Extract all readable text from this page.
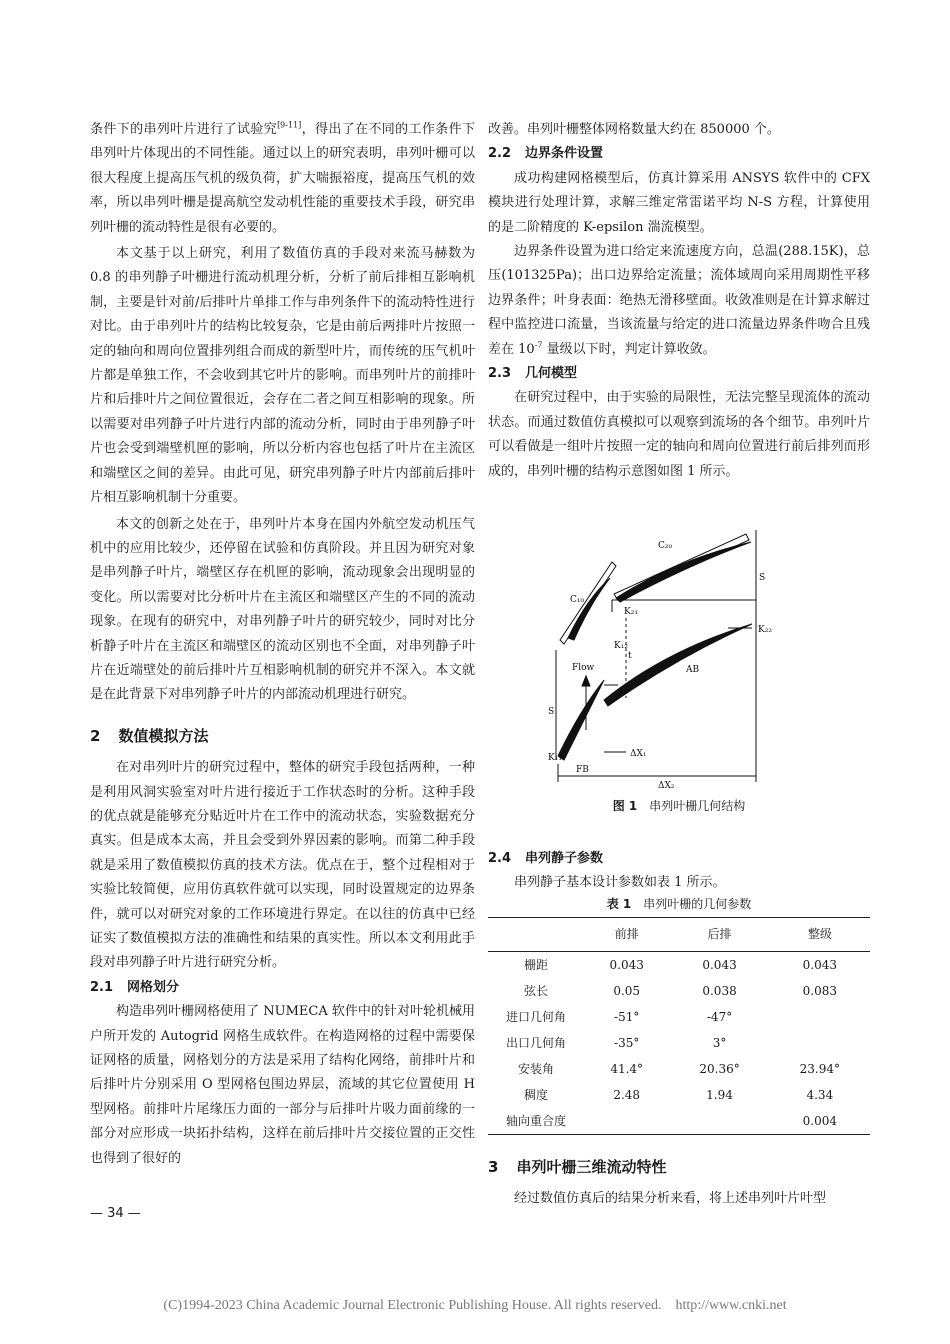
条件下的串列叶片进行了试验究[9-11]，得出了在不同的工作条件下串列叶片体现出的不同性能。通过以上的研究表明，串列叶栅可以很大程度上提高压气机的级负荷，扩大喘振裕度，提高压气机的效率，所以串列叶栅是提高航空发动机性能的重要技术手段，研究串列叶栅的流动特性是很有必要的。

本文基于以上研究，利用了数值仿真的手段对来流马赫数为 0.8 的串列静子叶栅进行流动机理分析，分析了前后排相互影响机制，主要是针对前/后排叶片单排工作与串列条件下的流动特性进行对比。由于串列叶片的结构比较复杂，它是由前后两排叶片按照一定的轴向和周向位置排列组合而成的新型叶片，而传统的压气机叶片都是单独工作，不会收到其它叶片的影响。而串列叶片的前排叶片和后排叶片之间位置很近，会存在二者之间互相影响的现象。所以需要对串列静子叶片进行内部的流动分析，同时由于串列静子叶片也会受到端壁机匣的影响，所以分析内容也包括了叶片在主流区和端壁区之间的差异。由此可见，研究串列静子叶片内部前后排叶片相互影响机制十分重要。

本文的创新之处在于，串列叶片本身在国内外航空发动机压气机中的应用比较少，还停留在试验和仿真阶段。并且因为研究对象是串列静子叶片，端壁区存在机匣的影响，流动现象会出现明显的变化。所以需要对比分析叶片在主流区和端壁区产生的不同的流动现象。在现有的研究中，对串列静子叶片的研究较少，同时对比分析静子叶片在主流区和端壁区的流动区别也不全面，对串列静子叶片在近端壁处的前后排叶片互相影响机制的研究并不深入。本文就是在此背景下对串列静子叶片的内部流动机理进行研究。

2 数值模拟方法

在对串列叶片的研究过程中，整体的研究手段包括两种，一种是利用风洞实验室对叶片进行接近于工作状态时的分析。这种手段的优点就是能够充分贴近叶片在工作中的流动状态，实验数据充分真实。但是成本太高，并且会受到外界因素的影响。而第二种手段就是采用了数值模拟仿真的技术方法。优点在于，整个过程相对于实验比较简便，应用仿真软件就可以实现，同时设置规定的边界条件，就可以对研究对象的工作环境进行界定。在以往的仿真中已经证实了数值模拟方法的准确性和结果的真实性。所以本文利用此手段对串列静子叶片进行研究分析。

2.1 网格划分

构造串列叶栅网格使用了 NUMECA 软件中的针对叶轮机械用户所开发的 Autogrid 网格生成软件。在构造网格的过程中需要保证网格的质量，网格划分的方法是采用了结构化网络，前排叶片和后排叶片分别采用 O 型网格包围边界层，流域的其它位置使用 H 型网格。前排叶片尾缘压力面的一部分与后排叶片吸力面前缘的一部分对应形成一块拓扑结构，这样在前后排叶片交接位置的正交性也得到了很好的

改善。串列叶栅整体网格数量大约在 850000 个。

2.2 边界条件设置

成功构建网格模型后，仿真计算采用 ANSYS 软件中的 CFX 模块进行处理计算，求解三维定常雷诺平均 N-S 方程，计算使用的是二阶精度的 K-epsilon 湍流模型。

边界条件设置为进口给定来流速度方向，总温(288.15K)，总压(101325Pa)；出口边界给定流量；流体域周向采用周期性平移边界条件；叶身表面：绝热无滑移壁面。收敛准则是在计算求解过程中监控进口流量，当该流量与给定的进口流量边界条件吻合且残差在 $10^{-7}$ 量级以下时，判定计算收敛。

2.3 几何模型

在研究过程中，由于实验的局限性，无法完整呈现流体的流动状态。而通过数值仿真模拟可以观察到流场的各个细节。串列叶片可以看做是一组叶片按照一定的轴向和周向位置进行前后排列而形成的，串列叶栅的结构示意图如图 1 所示。

C₁₀
C₂₀
K₂₁
K₂₂
K₁₂
K₁₁
Flow
S
S
t
AB
FB
ΔX₁
ΔX₂
图 1 串列叶栅几何结构
2.4 串列静子参数

串列静子基本设计参数如表 1 所示。

表 1 串列叶栅的几何参数
	前排	后排	整级
栅距	0.043	0.043	0.043
弦长	0.05	0.038	0.083
进口几何角	-51°	-47°	
出口几何角	-35°	3°	
安装角	41.4°	20.36°	23.94°
稠度	2.48	1.94	4.34
轴向重合度			0.004
3 串列叶栅三维流动特性

经过数值仿真后的结果分析来看，将上述串列叶片叶型

— 34 —
(C)1994-2023 China Academic Journal Electronic Publishing House. All rights reserved. http://www.cnki.net
